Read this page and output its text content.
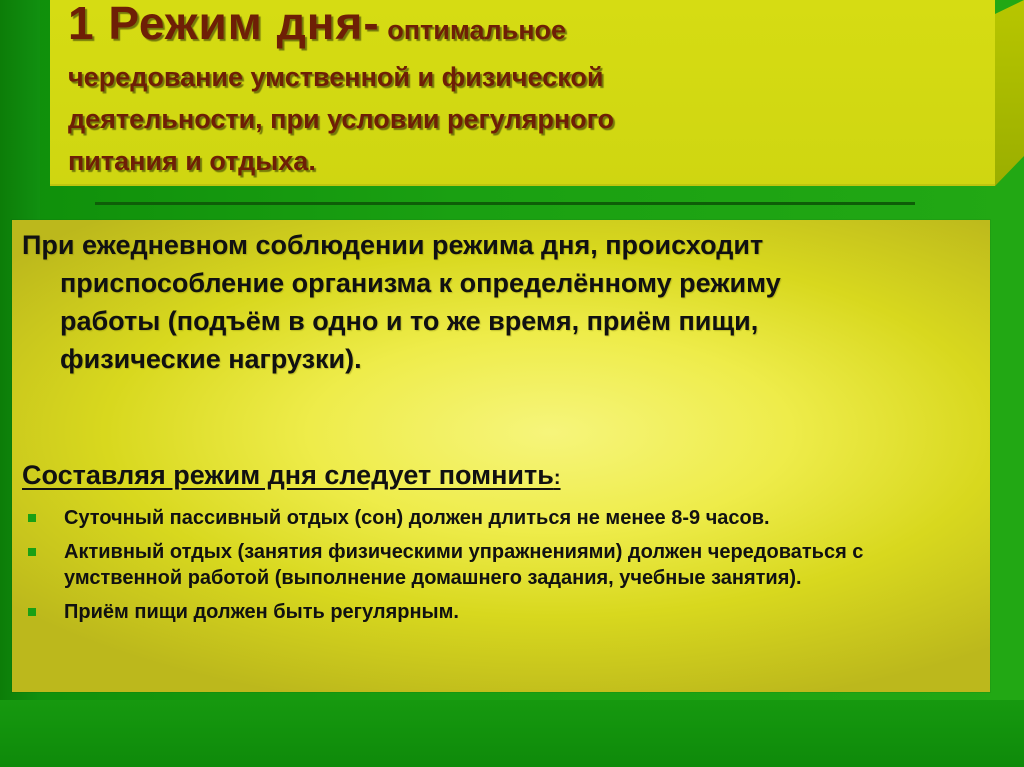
1 Режим дня- оптимальное
чередование умственной и физической
деятельности, при условии регулярного
питания и отдыха.
При ежедневном соблюдении режима дня, происходит
приспособление организма к определённому режиму
работы (подъём в одно и то же время, приём пищи,
физические нагрузки).
Составляя режим дня следует помнить:
Суточный пассивный отдых (сон) должен длиться не менее 8-9 часов.
Активный отдых (занятия физическими упражнениями) должен чередоваться с умственной работой (выполнение домашнего задания, учебные занятия).
Приём пищи должен быть регулярным.
